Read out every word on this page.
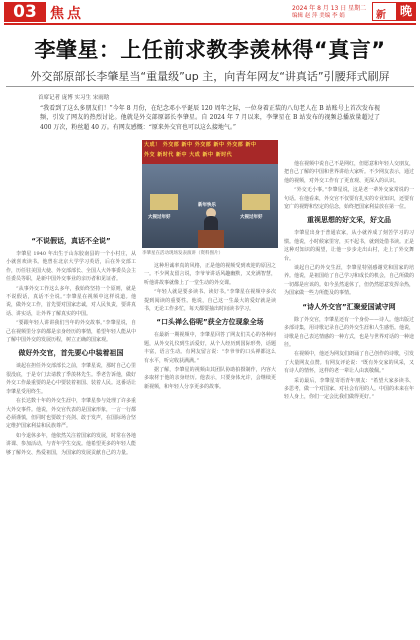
03 焦点	2024 年 8 月 13 日 星期二
编辑 赵 萍 美编 李 娟	新	晚
李肇星：上任前求教李羡林得“真言”
外交部原部长李肇星当“重量级”up 主，向青年网友“讲真话”引腰拜式刷屏
首席记者 庞博 实习生 宋雨晗
“我看到了这么多朋友们！”今年 8 月份，在纪念邓小平诞辰 120 周年之际，一位身着正装的八旬老人在 B 站账号上首次发布视频，引发了网友的热烈讨论。他就是外交部原部长李肇星。自 2024 年 7 月以来，李肇星在 B 站发布的视频总播放量超过了 400 万次，粉丝超 40 万。有网友感慨：“原来外交官也可以这么接地气。”
大成！ 外交部 新中 外交部 新中 外交部 新中
外交 新时代 新中 大成 新中 新时代
大视过年好
新年快乐
大视过年好
李肇星在活动现场发表演讲（资料图片）
“不说假话，真话不全说”

李肇星 1940 年出生于山东胶南县的一个小村庄，从小就喜欢读书。他曾在北京大学学习英语，后在外交部工作，历任驻美国大使、外交部部长、全国人大外事委员会主任委员等职，是新中国外交事业的亲历者和见证者。

“从事外交工作这么多年，我始终坚持一个原则，就是不说假话，真话不全说。”李肇星在视频中这样说道。他说，做外交工作，首先要对国家忠诚，对人民负责，要讲真话、讲实话，让外界了解真实的中国。

“要跟年轻人讲讲我们当年的外交故事。”李肇星说，自己在视频里分享的都是亲身经历的事情，希望年轻人能从中了解中国外交的发展历程，树立正确的国家观。

做好外交官，首先要心中装着祖国

谈起在担任外交部部长之前，李肇星说，那时自己心里很没底，于是专门去请教了季羡林先生。季老告诉他，做好外交工作最重要的是心中要装着祖国、装着人民。这番话让李肇星受用终生。

在长达数十年的外交生涯中，李肇星参与处理了许多重大外交事件。他说，外交官代表的是国家形象，一言一行都必须谨慎，但同时也要敢于亮剑、敢于发声，在国际场合坚定维护国家利益和民族尊严。

如今退休多年，他依然关注着国家的发展，时常在各地讲课、参加活动，与青年学生交流。他希望更多的年轻人能够了解外交、热爱祖国，为国家的发展贡献自己的力量。

这种坦诚率真的风格，正是他的视频受到欢迎的原因之一。不少网友留言说，李爷爷讲话风趣幽默，又充满智慧，听他讲故事就像上了一堂生动的外交课。

“年轻人就是要多读书、读好书。”李肇星在视频中多次提到阅读的重要性。他说，自己这一生最大的爱好就是读书，无论工作多忙，每天都要抽出时间读书学习。

“口头禅么俗呢”获全方位现象全场

在最新一期视频中，李肇星回答了网友们关心的各种问题，从外交礼仪到生活爱好，从个人经历到国际形势，话题丰富，语言生动。有网友留言说：“李爷爷的口头禅都这么有水平，听完收获满满。”

据了解，李肇星的视频由其团队协助拍摄制作，内容大多取材于他的亲身经历。他表示，只要身体允许，会继续更新视频，和年轻人分享更多的故事。

他在视频中说自己不是网红，但愿意和年轻人交朋友，把自己了解的中国和世界讲给大家听。不少网友表示，通过他的视频，对外交工作有了更直观、更深入的认识。

“外交无小事。”李肇星说，这是老一辈外交家常说的一句话。在他看来，外交官不仅要有扎实的专业知识，还要有宽广的视野和坚定的信念，始终把国家利益放在第一位。

重视思想的好文采，好文品

李肇星出身于普通农家，从小就养成了刻苦学习的习惯。他说，小时候家里穷，买不起书，就到处借书读。正是这种对知识的渴望，让他一步步走出山村，走上了外交舞台。

谈起自己的外交生涯，李肇星特别感谢党和国家的培养。他说，是祖国给了自己学习和成长的机会，自己所做的一切都是应该的。如今虽然退休了，但仍然愿意发挥余热，为国家做一些力所能及的事情。

“诗人外交官”汇聚爱国诚守网

除了外交官，李肇星还有一个身份——诗人。他出版过多部诗集，用诗歌记录自己的外交生涯和人生感悟。他说，诗歌是自己表达情感的一种方式，也是与世界对话的一种途径。

在视频中，他还为网友们朗诵了自己创作的诗歌，引发了大量网友点赞。有网友评论说：“既有外交家的风采，又有诗人的情怀，这样的老一辈让人由衷敬佩。”

采访最后，李肇星寄语青年朋友：“希望大家多读书、多思考，做一个对国家、对社会有用的人。中国的未来在年轻人身上，你们一定会比我们做得更好。”
